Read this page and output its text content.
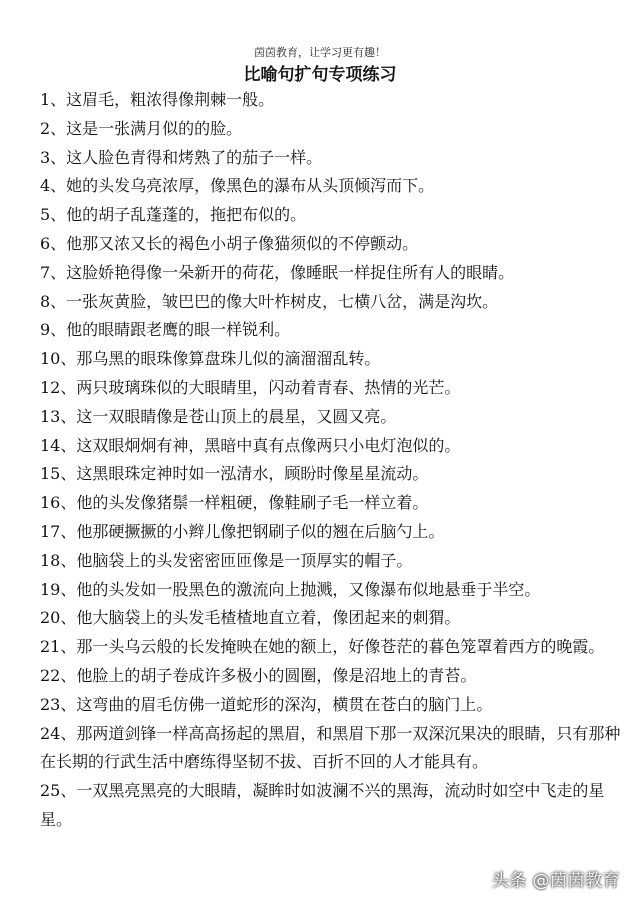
茵茵教育，让学习更有趣！
比喻句扩句专项练习

1、这眉毛，粗浓得像荆棘一般。

2、这是一张满月似的的脸。

3、这人脸色青得和烤熟了的茄子一样。

4、她的头发乌亮浓厚，像黑色的瀑布从头顶倾泻而下。

5、他的胡子乱蓬蓬的，拖把布似的。

6、他那又浓又长的褐色小胡子像猫须似的不停颤动。

7、这脸娇艳得像一朵新开的荷花，像睡眠一样捉住所有人的眼睛。

8、一张灰黄脸，皱巴巴的像大叶柞树皮，七横八岔，满是沟坎。

9、他的眼睛跟老鹰的眼一样锐利。

10、那乌黑的眼珠像算盘珠儿似的滴溜溜乱转。

12、两只玻璃珠似的大眼睛里，闪动着青春、热情的光芒。

13、这一双眼睛像是苍山顶上的晨星，又圆又亮。

14、这双眼炯炯有神，黑暗中真有点像两只小电灯泡似的。

15、这黑眼珠定神时如一泓清水，顾盼时像星星流动。

16、他的头发像猪鬃一样粗硬，像鞋刷子毛一样立着。

17、他那硬撅撅的小辫儿像把钢刷子似的翘在后脑勺上。

18、他脑袋上的头发密密匝匝像是一顶厚实的帽子。

19、他的头发如一股黑色的激流向上抛溅，又像瀑布似地悬垂于半空。

20、他大脑袋上的头发毛楂楂地直立着，像团起来的刺猬。

21、那一头乌云般的长发掩映在她的额上，好像苍茫的暮色笼罩着西方的晚霞。

22、他脸上的胡子卷成许多极小的圆圈，像是沼地上的青苔。

23、这弯曲的眉毛仿佛一道蛇形的深沟，横贯在苍白的脑门上。

24、那两道剑锋一样高高扬起的黑眉，和黑眉下那一双深沉果决的眼睛，只有那种在长期的行武生活中磨练得坚韧不拔、百折不回的人才能具有。

25、一双黑亮黑亮的大眼睛，凝眸时如波澜不兴的黑海，流动时如空中飞走的星星。

头条 @茵茵教育
